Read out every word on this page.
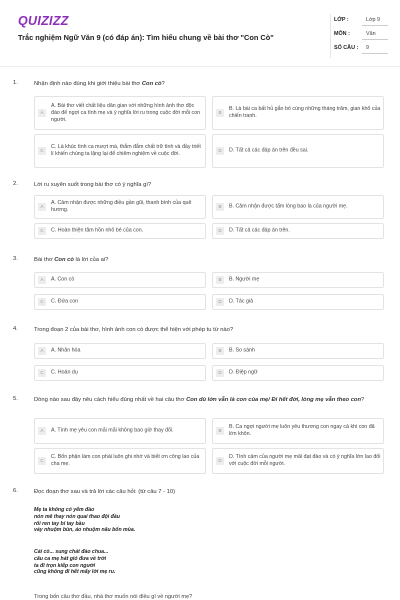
QUIZIZZ
Trắc nghiệm Ngữ Văn 9 (có đáp án): Tìm hiểu chung về bài thơ "Con Cò"
LỚP :	Lớp 9
MÔN :	Văn
SỐ CÂU : 9
1.	Nhận định nào đúng khi giới thiệu bài thơ Con cò?
A
A. Bài thơ viết chất liệu dân gian với những hình ảnh thơ độc đáo để ngợi ca tình mẹ và ý nghĩa lời ru trong cuộc đời mỗi con người.
B
B. Là bài ca bất hủ gắn bó cùng những tháng trăm, gian khổ của chiến tranh.
C
C. Là khúc tình ca mượt mà, thắm đắm chất trữ tình và đầy triết lí khiến chúng ta lặng lại để chiêm nghiệm về cuộc đời.
D	D. Tất cả các đáp án trên đều sai.
2.	Lời ru xuyên suốt trong bài thơ có ý nghĩa gì?
A
A. Cảm nhận được những điều gần gũi, thanh bình của quê hương.
B	B. Cảm nhận được tấm lòng bao la của người mẹ.
C	C. Hoàn thiện tâm hồn nhỏ bé của con.	D	D. Tất cả các đáp án trên.
3.	Bài thơ Con cò là lời của ai?
A	A. Con cò	B	B. Người mẹ
C	C. Đứa con	D	D. Tác giả
4.	Trong đoạn 2 của bài thơ, hình ảnh con cò được thể hiện với phép tu từ nào?
A	A. Nhân hóa	B	B. So sánh
C	C. Hoán dụ	D	D. Điệp ngữ
5.	Dòng nào sau đây nêu cách hiểu đúng nhất về hai câu thơ Con dù lớn vẫn là con của mẹ/ Đi hết đời, lòng mẹ vẫn theo con?
A	A. Tình mẹ yêu con mãi mãi không bao giờ thay đổi.	B
B. Ca ngợi người mẹ luôn yêu thương con ngay cả khi con đã lớn khôn.
C
C. Bổn phận làm con phải luôn ghi nhớ và biết ơn công lao của cha mẹ.
D
D. Tình cảm của người mẹ mãi đạt đào và có ý nghĩa lớn lao đối với cuộc đời mỗi người.
6.	Đọc đoạn thơ sau và trả lời các câu hỏi: (từ câu 7 - 10)
Mẹ ta không có yếm đào
nón mê thay nón quai thao đội đầu
rối ren tay bí tay bầu
váy nhuộm bùn, áo nhuộm nâu bốn mùa.
Cái cò... sung chát đào chua...
câu ca mẹ hát gió đưa về trời
ta đi trọn kiếp con người
cũng không đi hết mấy lời mẹ ru.
Trong bốn câu thơ đầu, nhà thơ muốn nói điều gì về người mẹ?
